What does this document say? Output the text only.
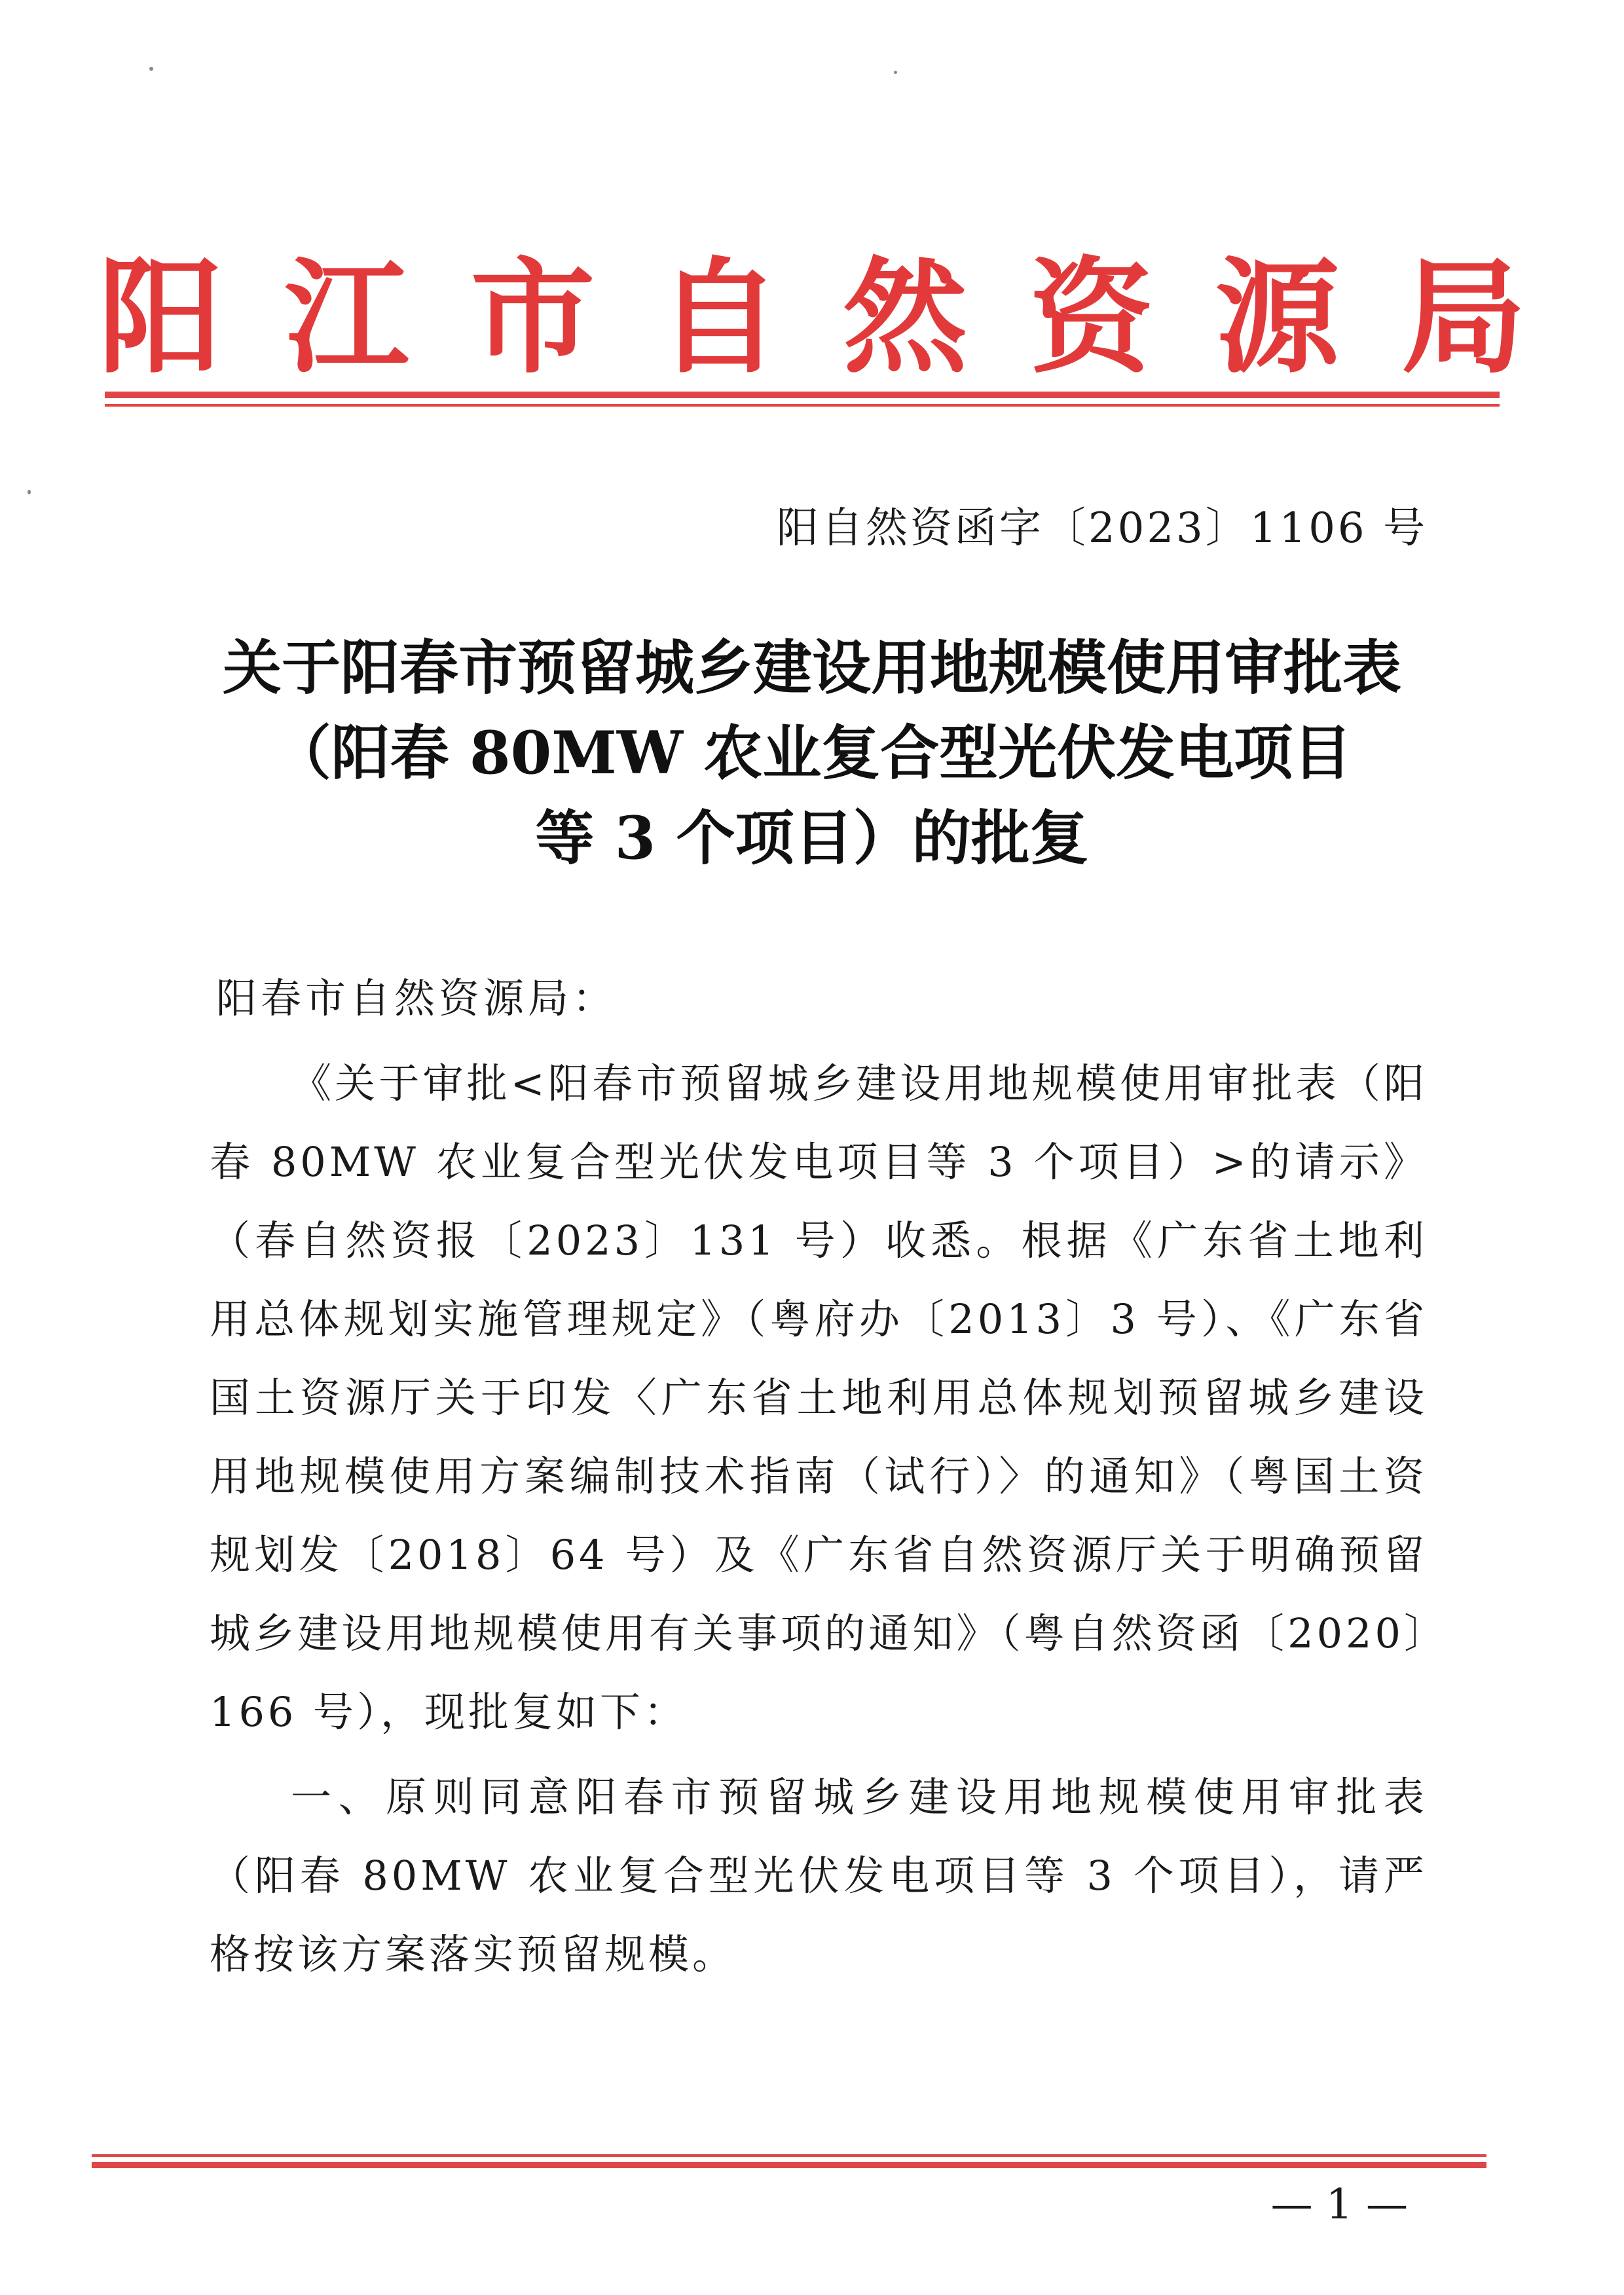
阳 江 市 自 然 资 源 局
阳自然资函字〔2023〕1106 号
关于阳春市预留城乡建设用地规模使用审批表
（阳春 80MW 农业复合型光伏发电项目
等 3 个项目）的批复
阳春市自然资源局：

《关于审批<阳春市预留城乡建设用地规模使用审批表（阳春 80MW 农业复合型光伏发电项目等 3 个项目）>的请示》（春自然资报〔2023〕131 号）收悉。根据《广东省土地利用总体规划实施管理规定》（粤府办〔2013〕3 号）、《广东省国土资源厅关于印发〈广东省土地利用总体规划预留城乡建设用地规模使用方案编制技术指南（试行）〉的通知》（粤国土资规划发〔2018〕64 号）及《广东省自然资源厅关于明确预留城乡建设用地规模使用有关事项的通知》（粤自然资函〔2020〕166 号），现批复如下：

一、原则同意阳春市预留城乡建设用地规模使用审批表（阳春 80MW 农业复合型光伏发电项目等 3 个项目），请严格按该方案落实预留规模。

— 1 —
